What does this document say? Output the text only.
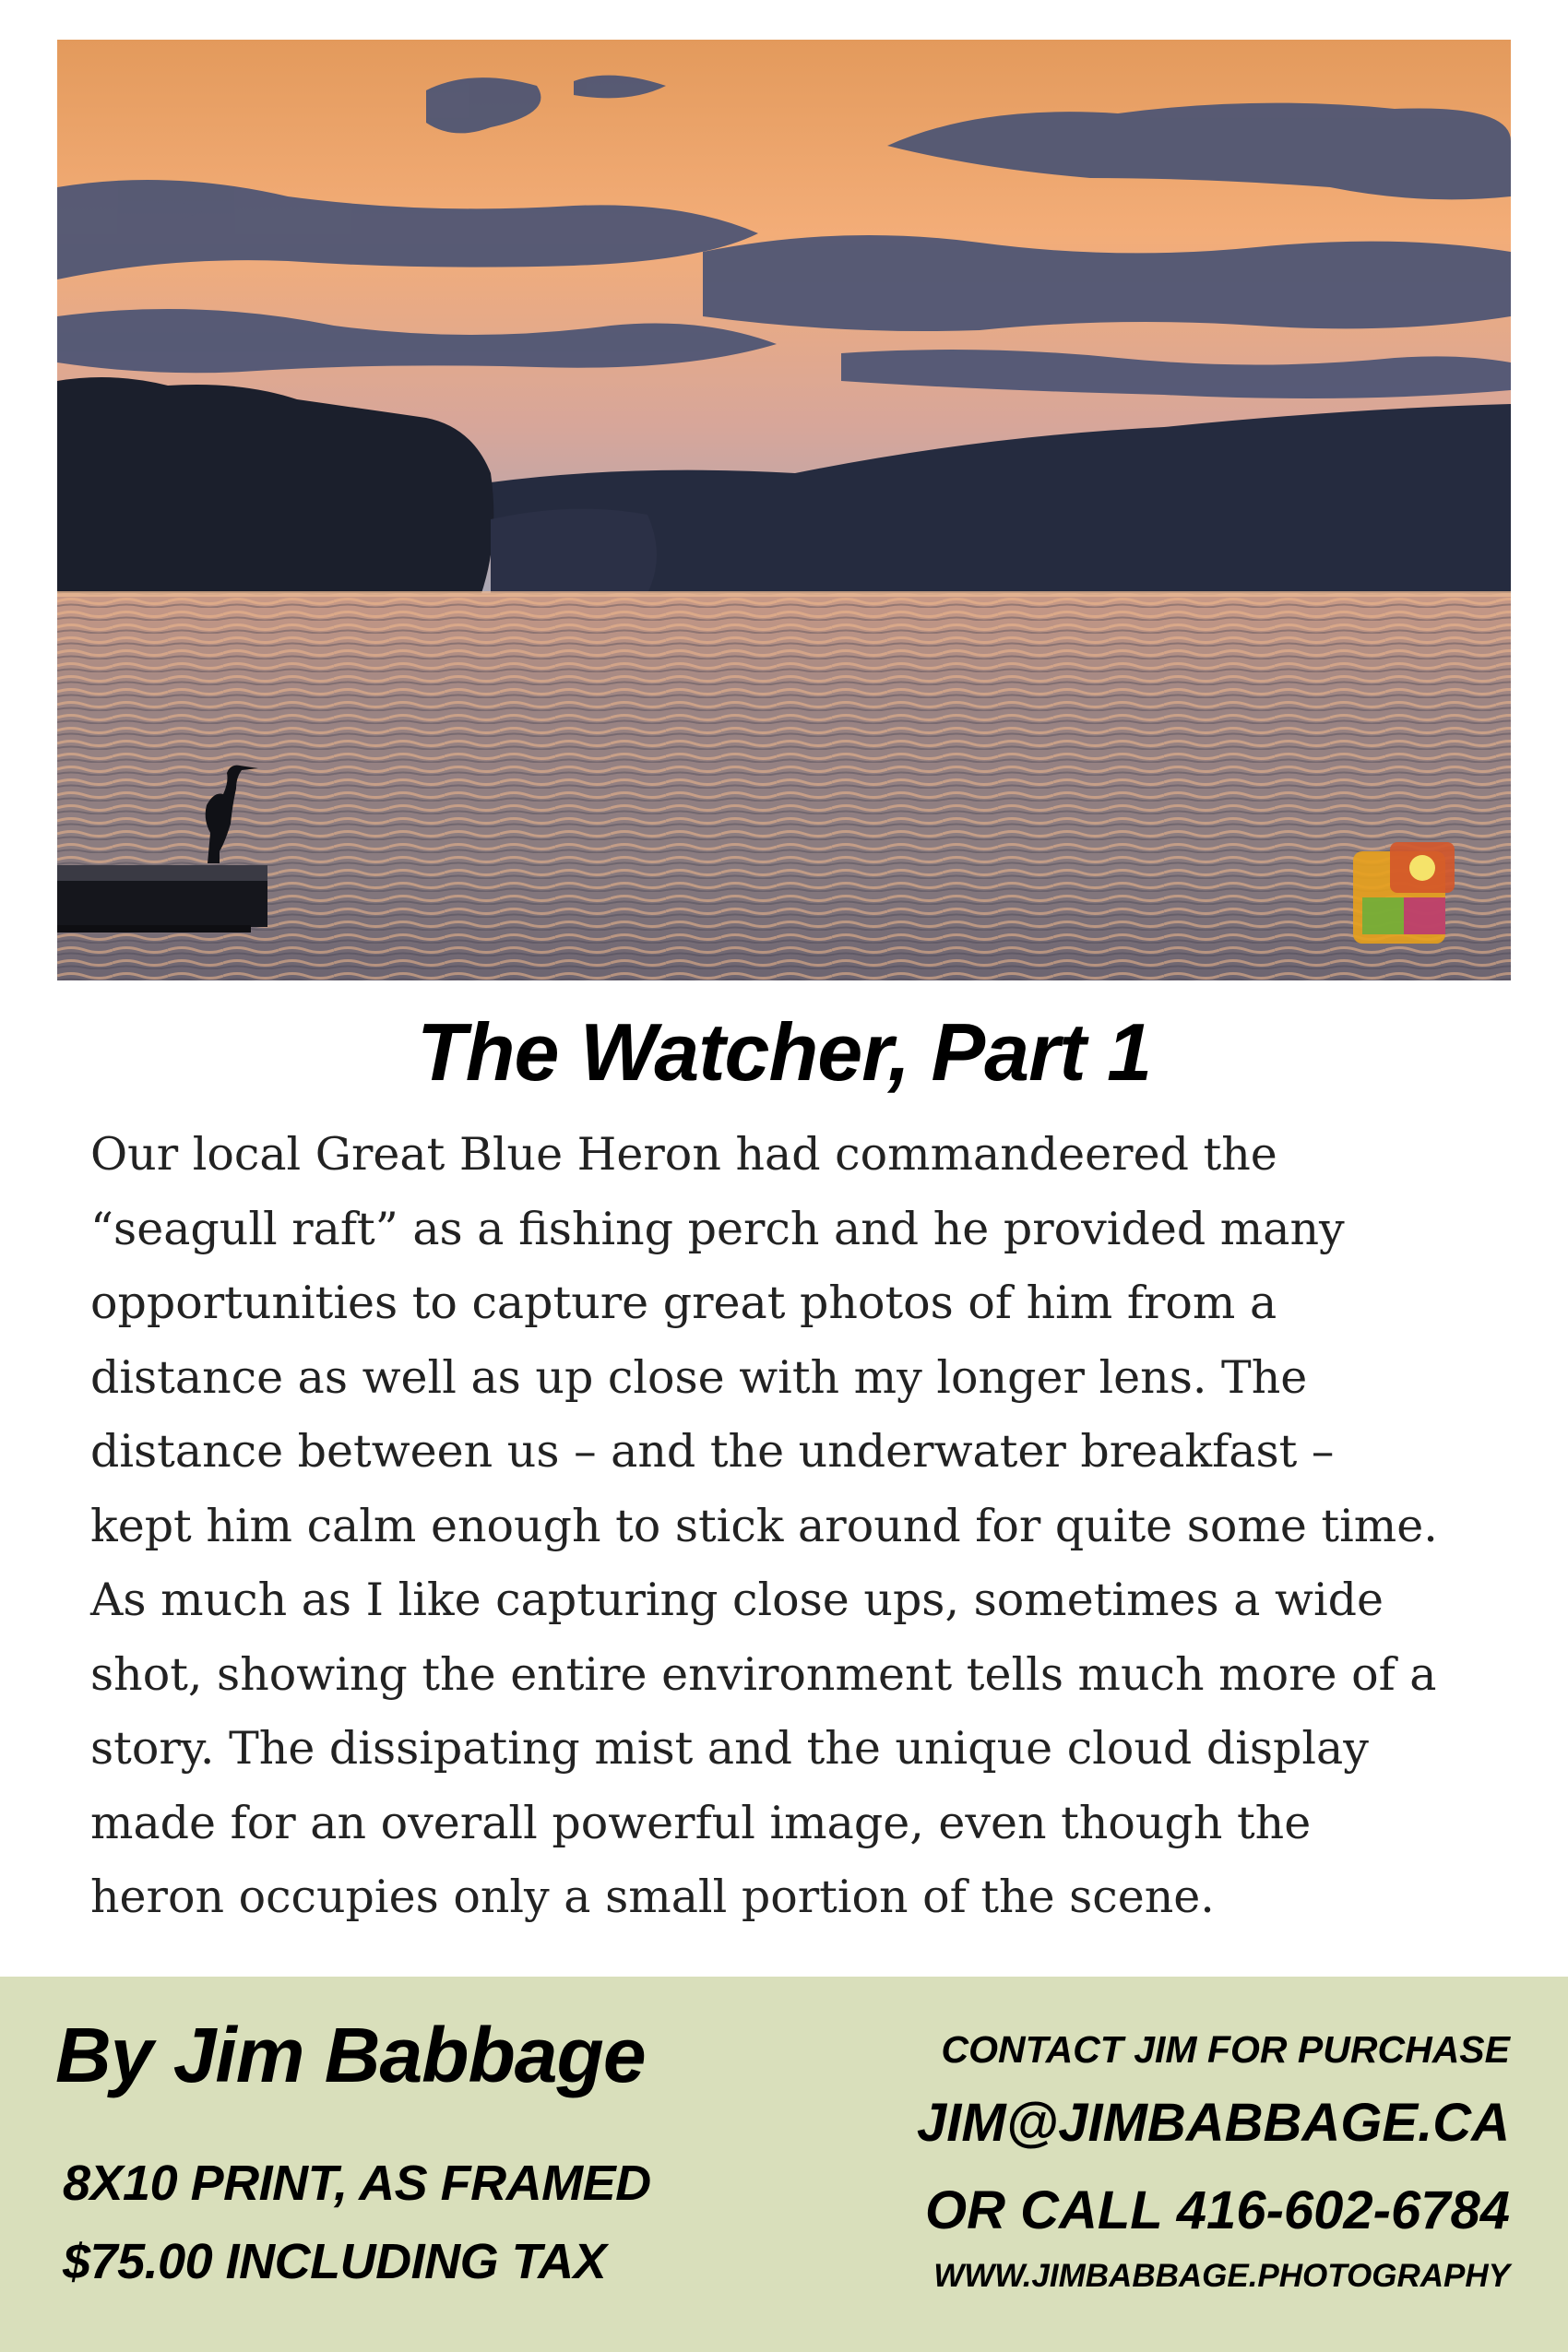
The Watcher, Part 1

Our local Great Blue Heron had commandeered the
“seagull raft” as a fishing perch and he provided many
opportunities to capture great photos of him from a
distance as well as up close with my longer lens. The
distance between us – and the underwater breakfast –
kept him calm enough to stick around for quite some time.
As much as I like capturing close ups, sometimes a wide
shot, showing the entire environment tells much more of a
story. The dissipating mist and the unique cloud display
made for an overall powerful image, even though the
heron occupies only a small portion of the scene.

By Jim Babbage
8X10 PRINT, AS FRAMED
$75.00 INCLUDING TAX
CONTACT JIM FOR PURCHASE
JIM@JIMBABBAGE.CA
OR CALL 416-602-6784
WWW.JIMBABBAGE.PHOTOGRAPHY
